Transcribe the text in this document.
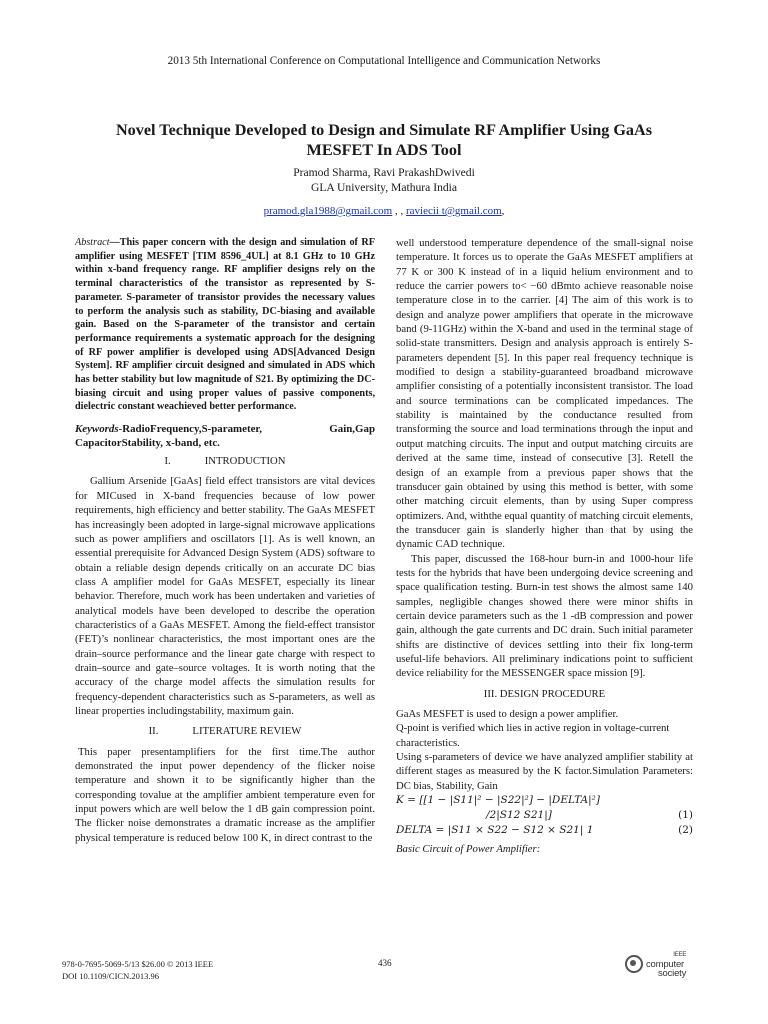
2013 5th International Conference on Computational Intelligence and Communication Networks
Novel Technique Developed to Design and Simulate RF Amplifier Using GaAs
MESFET In ADS Tool
Pramod Sharma, Ravi PrakashDwivedi
GLA University, Mathura India
pramod.gla1988@gmail.com , , raviecii t@gmail.com,

Abstract—This paper concern with the design and simulation of RF amplifier using MESFET [TIM 8596_4UL] at 8.1 GHz to 10 GHz within x-band frequency range. RF amplifier designs rely on the terminal characteristics of the transistor as represented by S-parameter. S-parameter of transistor provides the necessary values to perform the analysis such as stability, DC-biasing and available gain. Based on the S-parameter of the transistor and certain performance requirements a systematic approach for the designing of RF power amplifier is developed using ADS[Advanced Design System]. RF amplifier circuit designed and simulated in ADS which has better stability but low magnitude of S21. By optimizing the DC-biasing circuit and using proper values of passive components, dielectric constant weachieved better performance.

Keywords-RadioFrequency,S-parameter, Gain,Gap CapacitorStability, x-band, etc.
I.	INTRODUCTION

Gallium Arsenide [GaAs] field effect transistors are vital devices for MICused in X-band frequencies because of low power requirements, high efficiency and better stability. The GaAs MESFET has increasingly been adopted in large-signal microwave applications such as power amplifiers and oscillators [1]. As is well known, an essential prerequisite for Advanced Design System (ADS) software to obtain a reliable design depends critically on an accurate DC bias class A amplifier model for GaAs MESFET, especially its linear behavior. Therefore, much work has been undertaken and varieties of analytical models have been developed to describe the operation characteristics of a GaAs MESFET. Among the field-effect transistor (FET)’s nonlinear characteristics, the most important ones are the drain–source performance and the linear gate charge with respect to drain–source and gate–source voltages. It is worth noting that the accuracy of the charge model affects the simulation results for frequency-dependent characteristics such as S-parameters, as well as linear properties includingstability, maximum gain.

II.	LITERATURE REVIEW

This paper presentamplifiers for the first time.The author demonstrated the input power dependency of the flicker noise temperature and shown it to be significantly higher than the corresponding tovalue at the amplifier ambient temperature even for input powers which are well below the 1 dB gain compression point. The flicker noise demonstrates a dramatic increase as the amplifier physical temperature is reduced below 100 K, in direct contrast to the

well understood temperature dependence of the small-signal noise temperature. It forces us to operate the GaAs MESFET amplifiers at 77 K or 300 K instead of in a liquid helium environment and to reduce the carrier powers to< −60 dBmto achieve reasonable noise temperature close in to the carrier. [4] The aim of this work is to design and analyze power amplifiers that operate in the microwave band (9-11GHz) within the X-band and used in the terminal stage of solid-state transmitters. Design and analysis approach is entirely S-parameters dependent [5]. In this paper real frequency technique is modified to design a stability-guaranteed broadband microwave amplifier consisting of a potentially inconsistent transistor. The load and source terminations can be complicated impedances. The stability is maintained by the conductance resulted from transforming the source and load terminations through the input and output matching circuits. The input and output matching circuits are derived at the same time, instead of consecutive [3]. Retell the design of an example from a previous paper shows that the transducer gain obtained by using this method is better, with some other matching circuit elements, than by using Super compress optimizers. And, withthe equal quantity of matching circuit elements, the transducer gain is slanderly higher than that by using the dynamic CAD technique.

This paper, discussed the 168-hour burn-in and 1000-hour life tests for the hybrids that have been undergoing device screening and space qualification testing. Burn-in test shows the almost same 140 samples, negligible changes showed there were minor shifts in certain device parameters such as the 1 -dB compression and power gain, although the gate currents and DC drain. Such initial parameter shifts are distinctive of devices settling into their fix long-term useful-life behaviors. All preliminary indications point to sufficient device reliability for the MESSENGER space mission [9].

III. DESIGN PROCEDURE

GaAs MESFET is used to design a power amplifier.

Q-point is verified which lies in active region in voltage-current characteristics.

Using s-parameters of device we have analyzed amplifier stability at different stages as measured by the K factor.Simulation Parameters: DC bias, Stability, Gain

K = [[1 − |S11|² − |S22|²] − |DELTA|²]
/2|S12 S21|]	(1)
DELTA = |S11 × S22 − S12 × S21| 1	(2)
Basic Circuit of Power Amplifier:
978-0-7695-5069-5/13 $26.00 © 2013 IEEE
DOI 10.1109/CICN.2013.96
436
IEEE
computer
society
